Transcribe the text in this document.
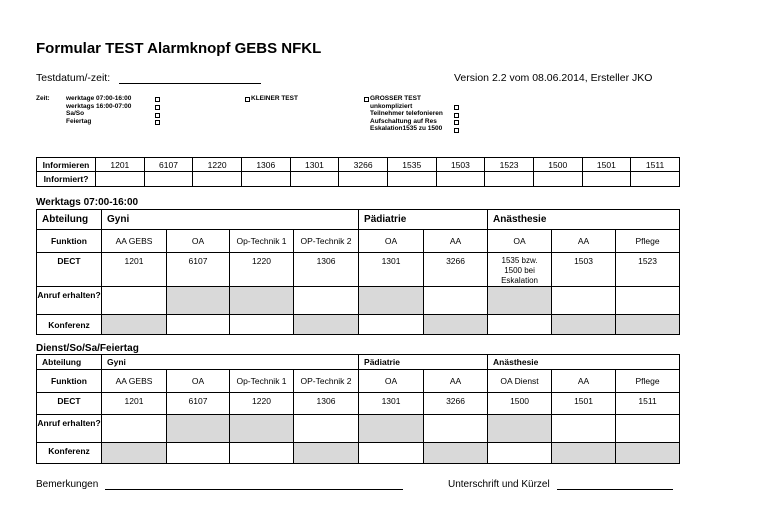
Formular TEST Alarmknopf GEBS NFKL
Testdatum/-zeit:	Version 2.2 vom 08.06.2014, Ersteller JKO
Zeit:	werktage 07:00-16:00
werktags 16:00-07:00
Sa/So
Feiertag
KLEINER TEST	GROSSER TEST
unkompliziert
Teilnehmer telefonieren
Aufschaltung auf Res
Eskalation1535 zu 1500
Informieren	1201	6107	1220	1306	1301	3266	1535	1503	1523	1500	1501	1511
Informiert?												
Werktags 07:00-16:00
Abteilung	Gyni				Pädiatrie		Anästhesie		
Funktion	AA GEBS	OA	Op-Technik 1	OP-Technik 2	OA	AA	OA	AA	Pflege
DECT	1201	6107	1220	1306	1301	3266	1535 bzw. 1500 bei Eskalation	1503	1523
Anruf erhalten?									
Konferenz									
Dienst/So/Sa/Feiertag
Abteilung	Gyni				Pädiatrie		Anästhesie		
Funktion	AA GEBS	OA	Op-Technik 1	OP-Technik 2	OA	AA	OA Dienst	AA	Pflege
DECT	1201	6107	1220	1306	1301	3266	1500	1501	1511
Anruf erhalten?									
Konferenz									
Bemerkungen	Unterschrift und Kürzel
